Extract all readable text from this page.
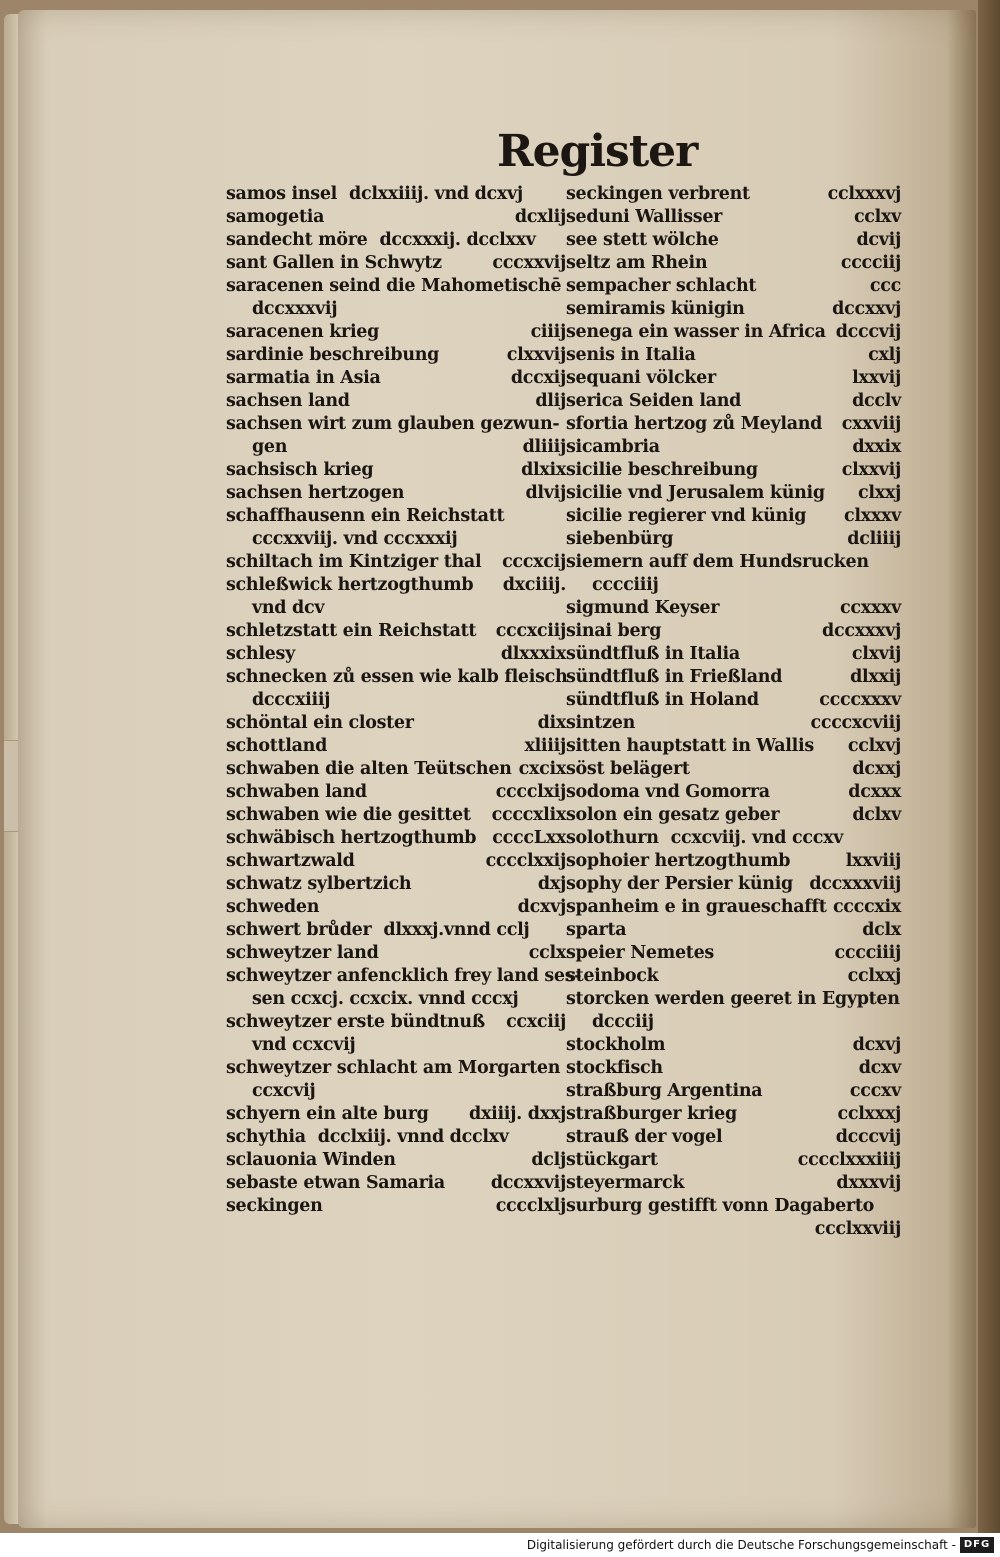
Register
samos insel dclxxiiij. vnd dcxvj
samogetia	dcxlij
sandecht möre dccxxxij. dcclxxv
sant Gallen in Schwytz	cccxxvij
saracenen seind die Mahometischē
dccxxxvij
saracenen krieg	ciiij
sardinie beschreibung	clxxvij
sarmatia in Asia	dccxij
sachsen land	dlij
sachsen wirt zum glauben gezwun-
gen	dliiij
sachsisch krieg	dlxix
sachsen hertzogen	dlvij
schaffhausenn ein Reichstatt
cccxxviij. vnd cccxxxij
schiltach im Kintziger thal cccxcij
schleßwick hertzogthumb dxciiij.
vnd dcv
schletzstatt ein Reichstatt cccxciij
schlesy	dlxxxix
schnecken zů essen wie kalb fleisch
dcccxiiij
schöntal ein closter	dix
schottland	xliiij
schwaben die alten Teütschen cxcix
schwaben land	cccclxij
schwaben wie die gesittet ccccxlix
schwäbisch hertzogthumb ccccLxx
schwartzwald	cccclxxij
schwatz sylbertzich	dxj
schweden	dcxvj
schwert brůder dlxxxj.vnnd cclj
schweytzer land	cclx
schweytzer anfencklich frey land ses-
sen ccxcj. ccxcix. vnnd cccxj
schweytzer erste bündtnuß ccxciij
vnd ccxcvij
schweytzer schlacht am Morgarten
ccxcvij
schyern ein alte burg dxiiij. dxxj
schythia dcclxiij. vnnd dcclxv
sclauonia Winden	dclj
sebaste etwan Samaria	dccxxvij
seckingen	cccclxlj
seckingen verbrent	cclxxxvj
seduni Wallisser	cclxv
see stett wölche	dcvij
seltz am Rhein	cccciij
sempacher schlacht	ccc
semiramis künigin	dccxxvj
senega ein wasser in Africa dcccvij
senis in Italia	cxlj
sequani völcker	lxxvij
serica Seiden land	dcclv
sfortia hertzog zů Meyland cxxviij
sicambria	dxxix
sicilie beschreibung	clxxvij
sicilie vnd Jerusalem künig clxxj
sicilie regierer vnd künig clxxxv
siebenbürg	dcliiij
siemern auff dem Hundsrucken
cccciiij
sigmund Keyser	ccxxxv
sinai berg	dccxxxvj
sündtfluß in Italia	clxvij
sündtfluß in Frießland	dlxxij
sündtfluß in Holand	ccccxxxv
sintzen	ccccxcviij
sitten hauptstatt in Wallis cclxvj
söst belägert	dcxxj
sodoma vnd Gomorra	dcxxx
solon ein gesatz geber	dclxv
solothurn ccxcviij. vnd cccxv
sophoier hertzogthumb	lxxviij
sophy der Persier künig dccxxxviij
spanheim e in graueschafft ccccxix
sparta	dclx
speier Nemetes	cccciiij
steinbock	cclxxj
storcken werden geeret in Egypten
dccciij
stockholm	dcxvj
stockfisch	dcxv
straßburg Argentina	cccxv
straßburger krieg	cclxxxj
strauß der vogel	dcccvij
stückgart	cccclxxxiiij
steyermarck	dxxxvij
surburg gestifft vonn Dagaberto
ccclxxviij
Digitalisierung gefördert durch die Deutsche Forschungsgemeinschaft - DFG
